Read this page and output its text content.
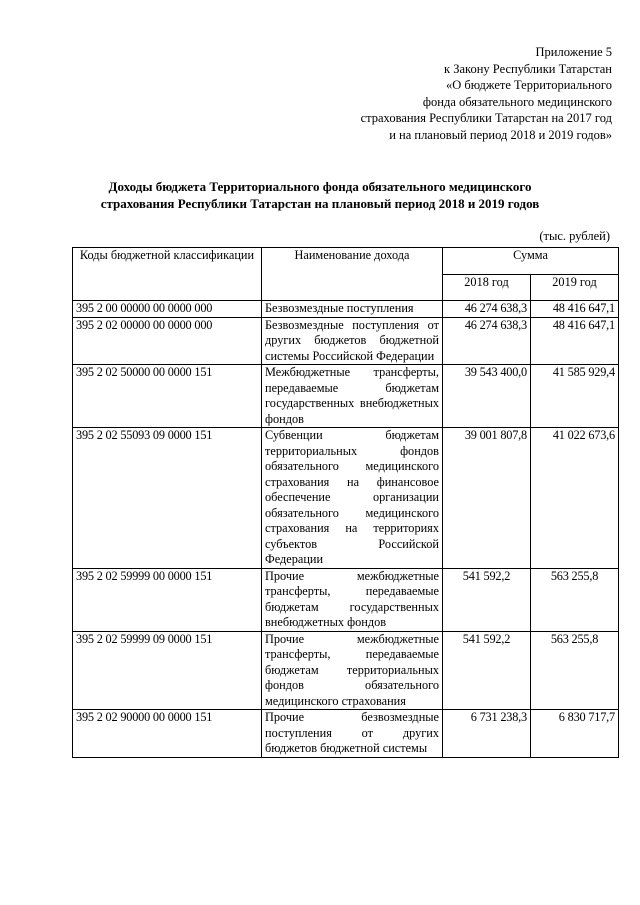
Приложение 5
к Закону Республики Татарстан
«О бюджете Территориального
фонда обязательного медицинского
страхования Республики Татарстан на 2017 год
и на плановый период 2018 и 2019 годов»
Доходы бюджета Территориального фонда обязательного медицинского
страхования Республики Татарстан на плановый период 2018 и 2019 годов
(тыс. рублей)
Коды бюджетной классификации	Наименование дохода	Сумма	
		2018 год	2019 год
395 2 00 00000 00 0000 000	Безвозмездные поступления	46 274 638,3	48 416 647,1
395 2 02 00000 00 0000 000	Безвозмездные поступления от других бюджетов бюджетной системы Российской Федерации	46 274 638,3	48 416 647,1
395 2 02 50000 00 0000 151	Межбюджетные трансферты, передаваемые бюджетам государственных внебюджетных фондов	39 543 400,0	41 585 929,4
395 2 02 55093 09 0000 151	Субвенции бюджетам территориальных фондов обязательного медицинского страхования на финансовое обеспечение организации обязательного медицинского страхования на территориях субъектов Российской Федерации	39 001 807,8	41 022 673,6
395 2 02 59999 00 0000 151	Прочие межбюджетные трансферты, передаваемые бюджетам государственных внебюджетных фондов	541 592,2	563 255,8
395 2 02 59999 09 0000 151	Прочие межбюджетные трансферты, передаваемые бюджетам территориальных фондов обязательного медицинского страхования	541 592,2	563 255,8
395 2 02 90000 00 0000 151	Прочие безвозмездные поступления от других бюджетов бюджетной системы	6 731 238,3	6 830 717,7
